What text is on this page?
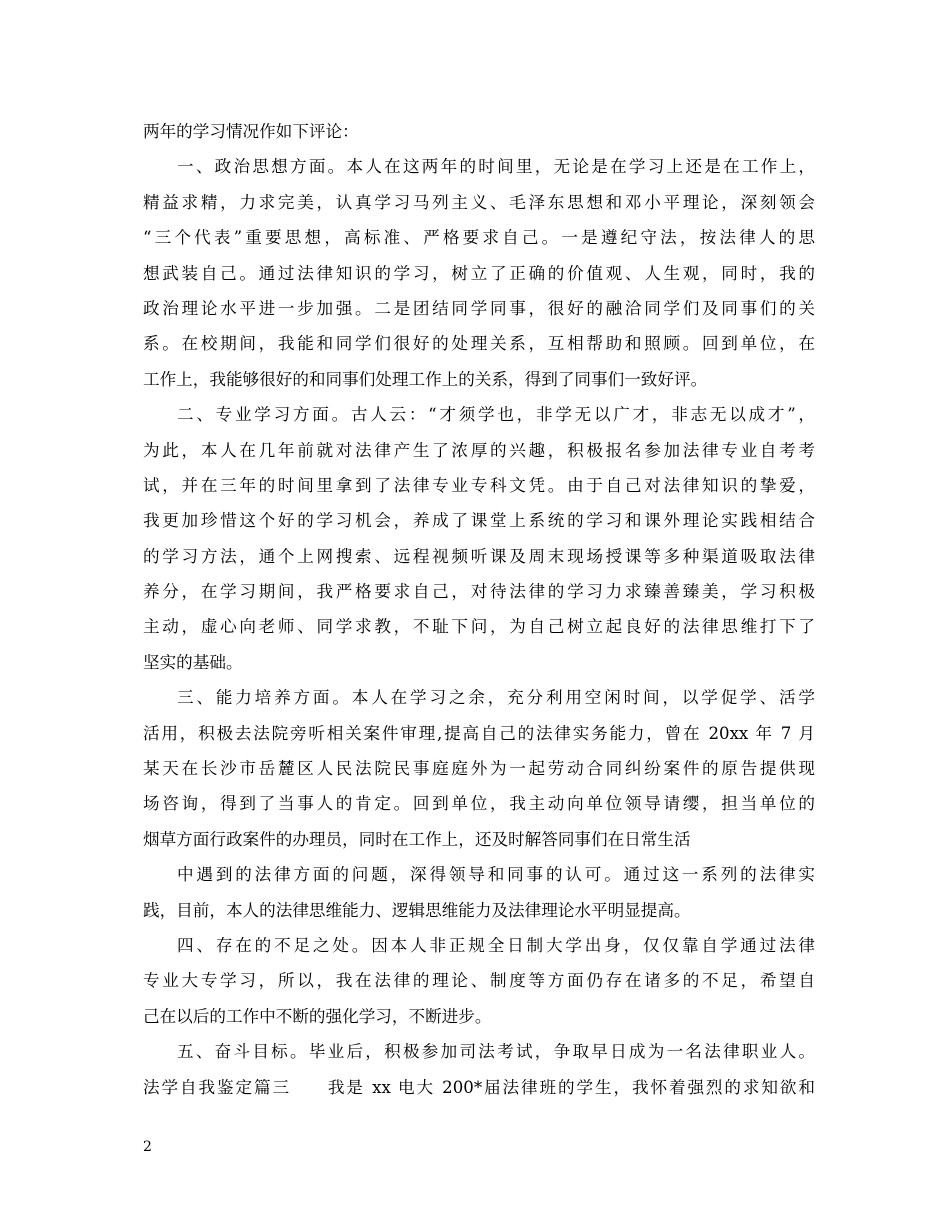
两年的学习情况作如下评论：
一、政治思想方面。本人在这两年的时间里，无论是在学习上还是在工作上，
精益求精，力求完美，认真学习马列主义、毛泽东思想和邓小平理论，深刻领会
“三个代表”重要思想，高标准、严格要求自己。一是遵纪守法，按法律人的思
想武装自己。通过法律知识的学习，树立了正确的价值观、人生观，同时，我的
政治理论水平进一步加强。二是团结同学同事，很好的融洽同学们及同事们的关
系。在校期间，我能和同学们很好的处理关系，互相帮助和照顾。回到单位，在
工作上，我能够很好的和同事们处理工作上的关系，得到了同事们一致好评。
二、专业学习方面。古人云：“才须学也，非学无以广才，非志无以成才”，
为此，本人在几年前就对法律产生了浓厚的兴趣，积极报名参加法律专业自考考
试，并在三年的时间里拿到了法律专业专科文凭。由于自己对法律知识的挚爱，
我更加珍惜这个好的学习机会，养成了课堂上系统的学习和课外理论实践相结合
的学习方法，通个上网搜索、远程视频听课及周末现场授课等多种渠道吸取法律
养分，在学习期间，我严格要求自己，对待法律的学习力求臻善臻美，学习积极
主动，虚心向老师、同学求教，不耻下问，为自己树立起良好的法律思维打下了
坚实的基础。
三、能力培养方面。本人在学习之余，充分利用空闲时间，以学促学、活学
活用，积极去法院旁听相关案件审理,提高自己的法律实务能力，曾在 20xx 年 7 月
某天在长沙市岳麓区人民法院民事庭庭外为一起劳动合同纠纷案件的原告提供现
场咨询，得到了当事人的肯定。回到单位，我主动向单位领导请缨，担当单位的
烟草方面行政案件的办理员，同时在工作上，还及时解答同事们在日常生活
中遇到的法律方面的问题，深得领导和同事的认可。通过这一系列的法律实
践，目前，本人的法律思维能力、逻辑思维能力及法律理论水平明显提高。
四、存在的不足之处。因本人非正规全日制大学出身，仅仅靠自学通过法律
专业大专学习，所以，我在法律的理论、制度等方面仍存在诸多的不足，希望自
己在以后的工作中不断的强化学习，不断进步。
五、奋斗目标。毕业后，积极参加司法考试，争取早日成为一名法律职业人。
法学自我鉴定篇三　　我是 xx 电大 200*届法律班的学生，我怀着强烈的求知欲和
2
